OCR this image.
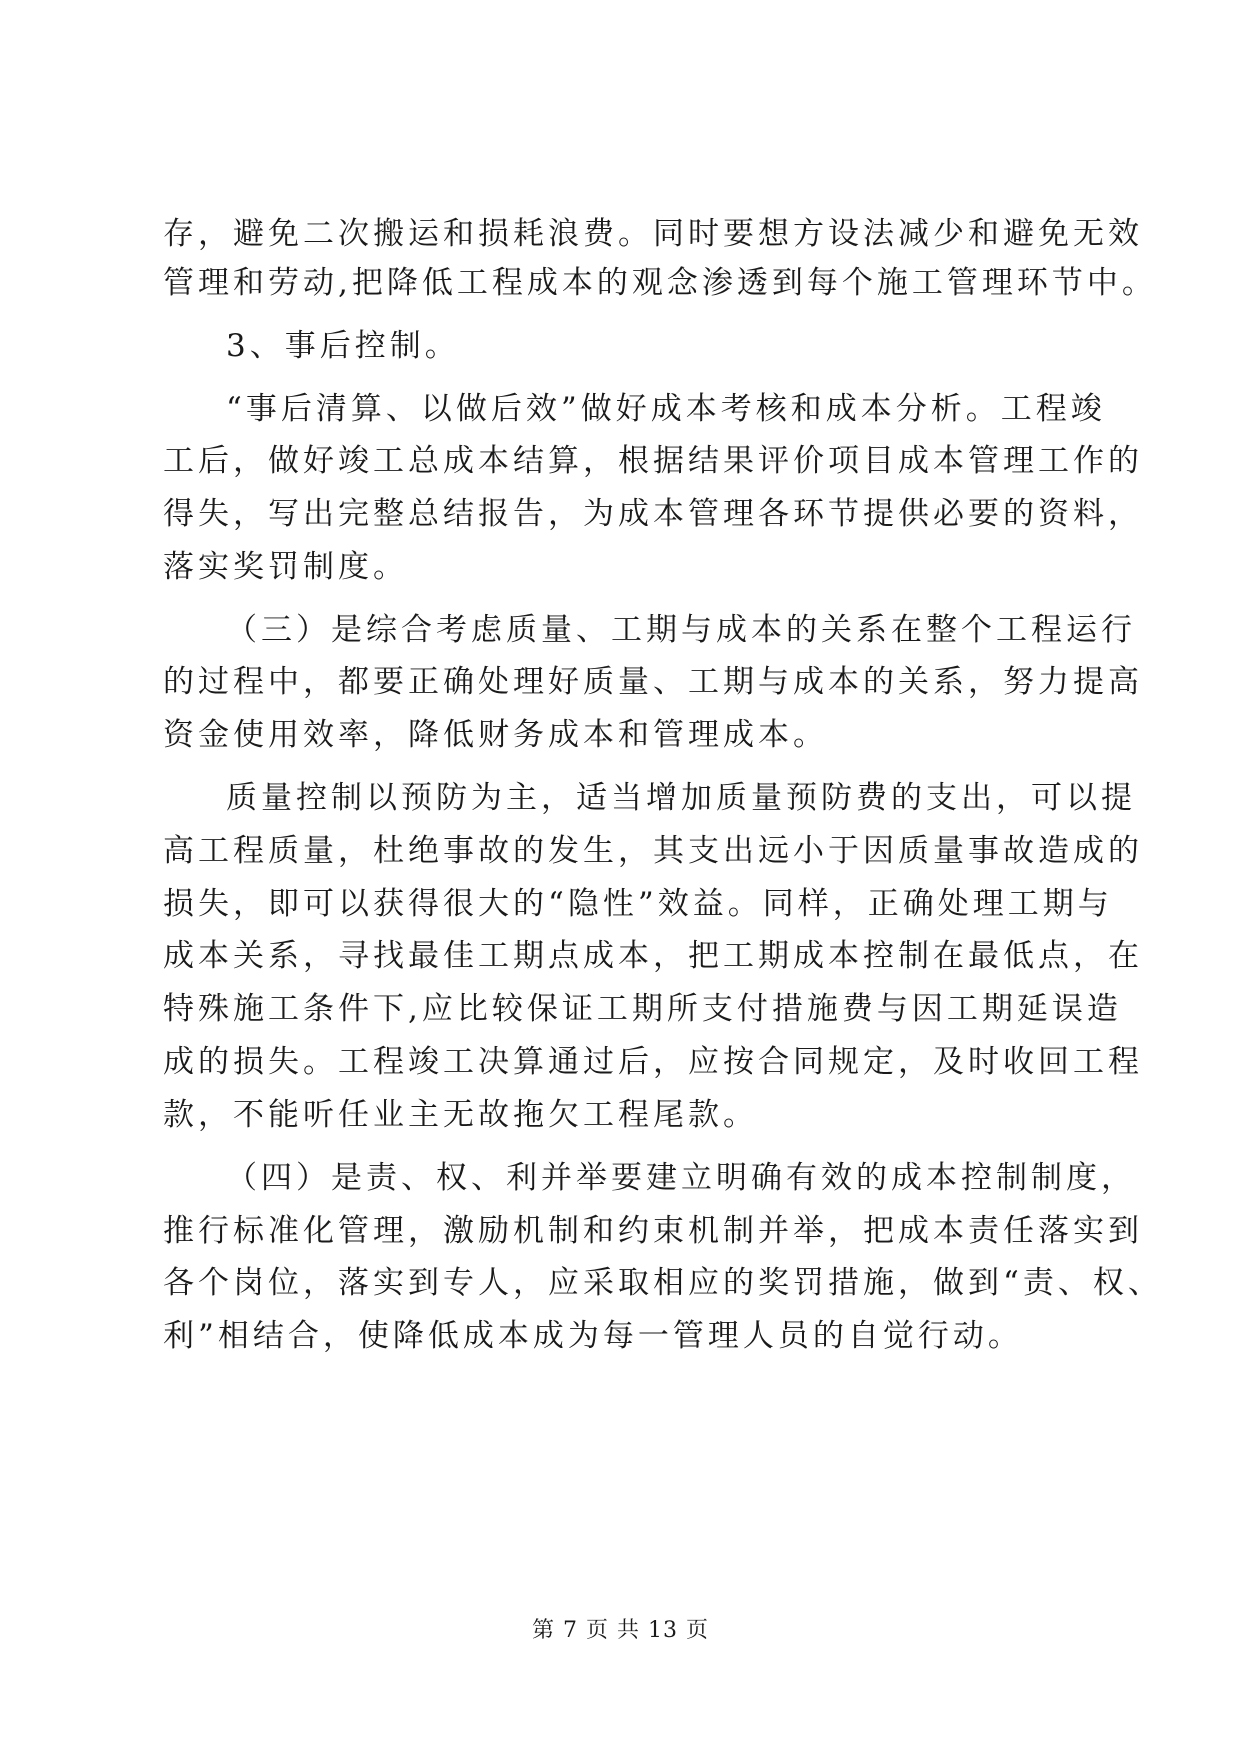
存，避免二次搬运和损耗浪费。同时要想方设法减少和避免无效
管理和劳动,把降低工程成本的观念渗透到每个施工管理环节中。
3、事后控制。
“事后清算、以做后效”做好成本考核和成本分析。工程竣
工后，做好竣工总成本结算，根据结果评价项目成本管理工作的
得失，写出完整总结报告，为成本管理各环节提供必要的资料，
落实奖罚制度。
（三）是综合考虑质量、工期与成本的关系在整个工程运行
的过程中，都要正确处理好质量、工期与成本的关系，努力提高
资金使用效率，降低财务成本和管理成本。
质量控制以预防为主，适当增加质量预防费的支出，可以提
高工程质量，杜绝事故的发生，其支出远小于因质量事故造成的
损失，即可以获得很大的“隐性”效益。同样，正确处理工期与
成本关系，寻找最佳工期点成本，把工期成本控制在最低点，在
特殊施工条件下,应比较保证工期所支付措施费与因工期延误造
成的损失。工程竣工决算通过后，应按合同规定，及时收回工程
款，不能听任业主无故拖欠工程尾款。
（四）是责、权、利并举要建立明确有效的成本控制制度，
推行标准化管理，激励机制和约束机制并举，把成本责任落实到
各个岗位，落实到专人，应采取相应的奖罚措施，做到“责、权、
利”相结合，使降低成本成为每一管理人员的自觉行动。
第 7 页 共 13 页
